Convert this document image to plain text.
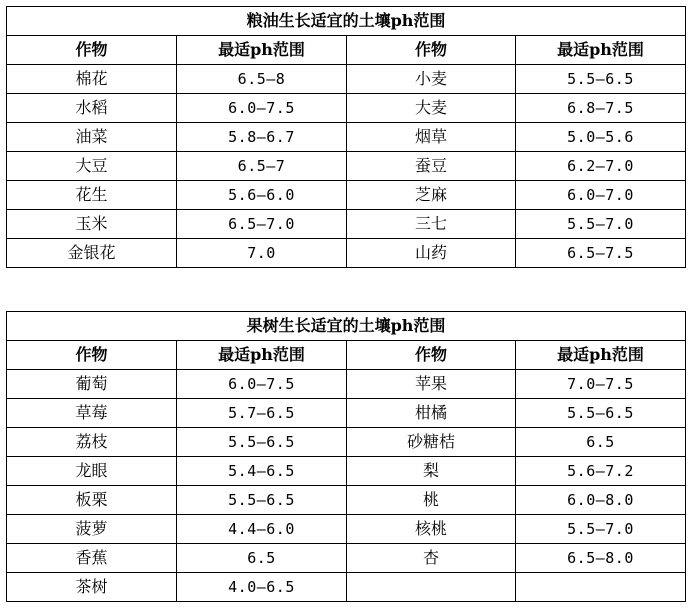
粮油生长适宜的土壤ph范围			
作物	最适ph范围	作物	最适ph范围
棉花	6.5—8	小麦	5.5—6.5
水稻	6.0—7.5	大麦	6.8—7.5
油菜	5.8—6.7	烟草	5.0—5.6
大豆	6.5—7	蚕豆	6.2—7.0
花生	5.6—6.0	芝麻	6.0—7.0
玉米	6.5—7.0	三七	5.5—7.0
金银花	7.0	山药	6.5—7.5
果树生长适宜的土壤ph范围			
作物	最适ph范围	作物	最适ph范围
葡萄	6.0—7.5	苹果	7.0—7.5
草莓	5.7—6.5	柑橘	5.5—6.5
荔枝	5.5—6.5	砂糖桔	6.5
龙眼	5.4—6.5	梨	5.6—7.2
板栗	5.5—6.5	桃	6.0—8.0
菠萝	4.4—6.0	核桃	5.5—7.0
香蕉	6.5	杏	6.5—8.0
茶树	4.0—6.5		
